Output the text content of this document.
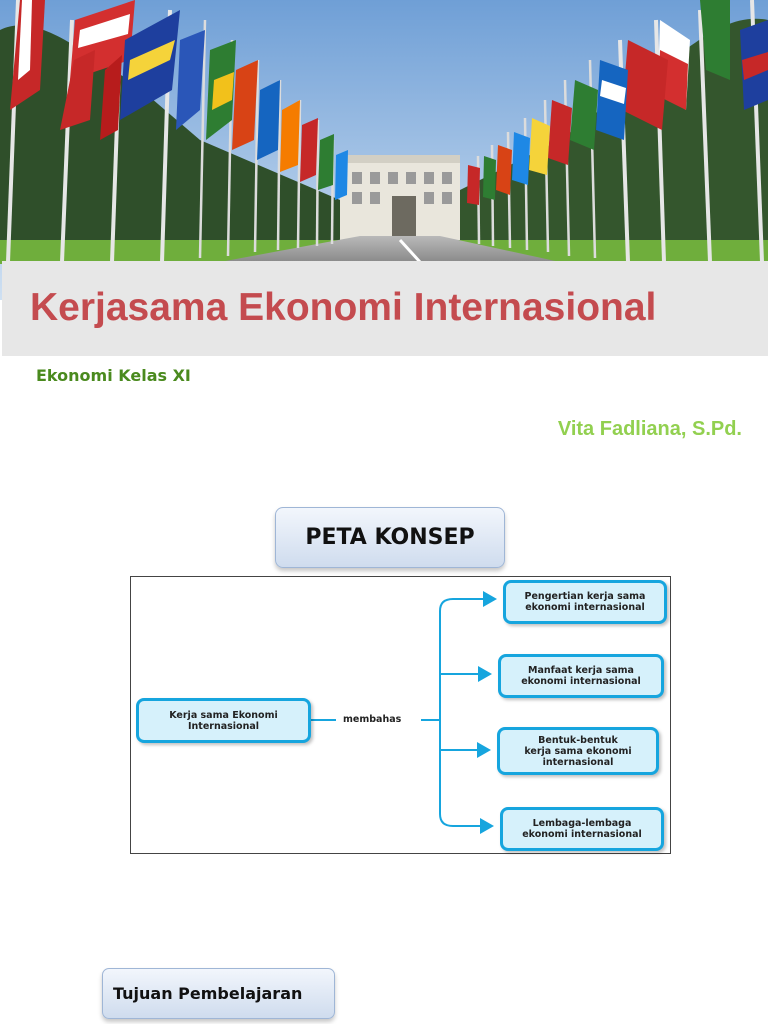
Kerjasama Ekonomi Internasional
Ekonomi Kelas XI
Vita Fadliana, S.Pd.
PETA KONSEP
Kerja sama Ekonomi
Internasional
membahas
Pengertian kerja sama
ekonomi internasional
Manfaat kerja sama
ekonomi internasional
Bentuk-bentuk
kerja sama ekonomi
internasional
Lembaga-lembaga
ekonomi internasional
Tujuan Pembelajaran
